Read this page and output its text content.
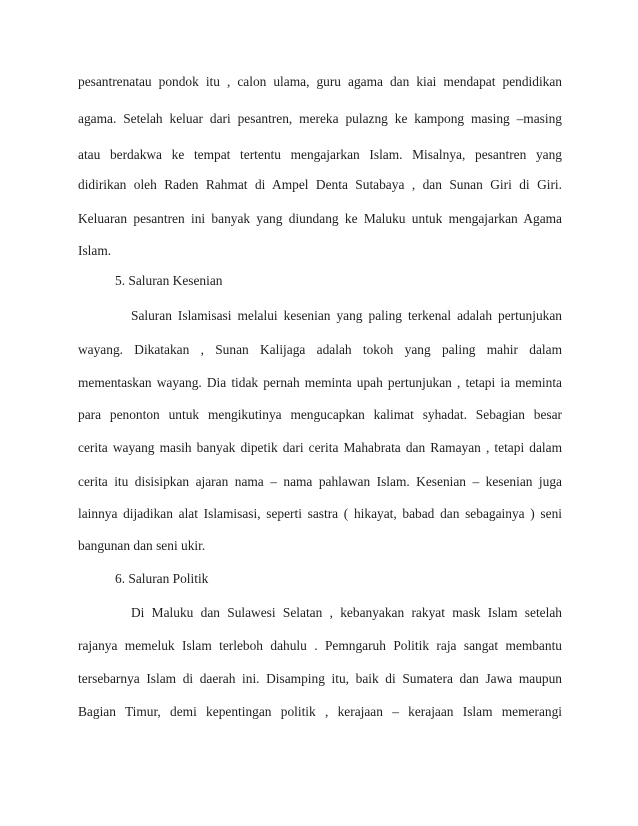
pesantrenatau pondok itu , calon ulama, guru agama dan kiai mendapat pendidikan
agama. Setelah keluar dari pesantren, mereka pulazng ke kampong masing –masing
atau berdakwa ke tempat tertentu mengajarkan Islam. Misalnya, pesantren yang
didirikan oleh Raden Rahmat di Ampel Denta Sutabaya , dan Sunan Giri di Giri.
Keluaran pesantren ini banyak yang diundang ke Maluku untuk mengajarkan Agama
Islam.
5. Saluran Kesenian
Saluran Islamisasi melalui kesenian yang paling terkenal adalah pertunjukan
wayang. Dikatakan , Sunan Kalijaga adalah tokoh yang paling mahir dalam
mementaskan wayang. Dia tidak pernah meminta upah pertunjukan , tetapi ia meminta
para penonton untuk mengikutinya mengucapkan kalimat syhadat. Sebagian besar
cerita wayang masih banyak dipetik dari cerita Mahabrata dan Ramayan , tetapi dalam
cerita itu disisipkan ajaran nama – nama pahlawan Islam. Kesenian – kesenian juga
lainnya dijadikan alat Islamisasi, seperti sastra ( hikayat, babad dan sebagainya ) seni
bangunan dan seni ukir.
6. Saluran Politik
Di Maluku dan Sulawesi Selatan , kebanyakan rakyat mask Islam setelah
rajanya memeluk Islam terleboh dahulu . Pemngaruh Politik raja sangat membantu
tersebarnya Islam di daerah ini. Disamping itu, baik di Sumatera dan Jawa maupun
Bagian Timur, demi kepentingan politik , kerajaan – kerajaan Islam memerangi
